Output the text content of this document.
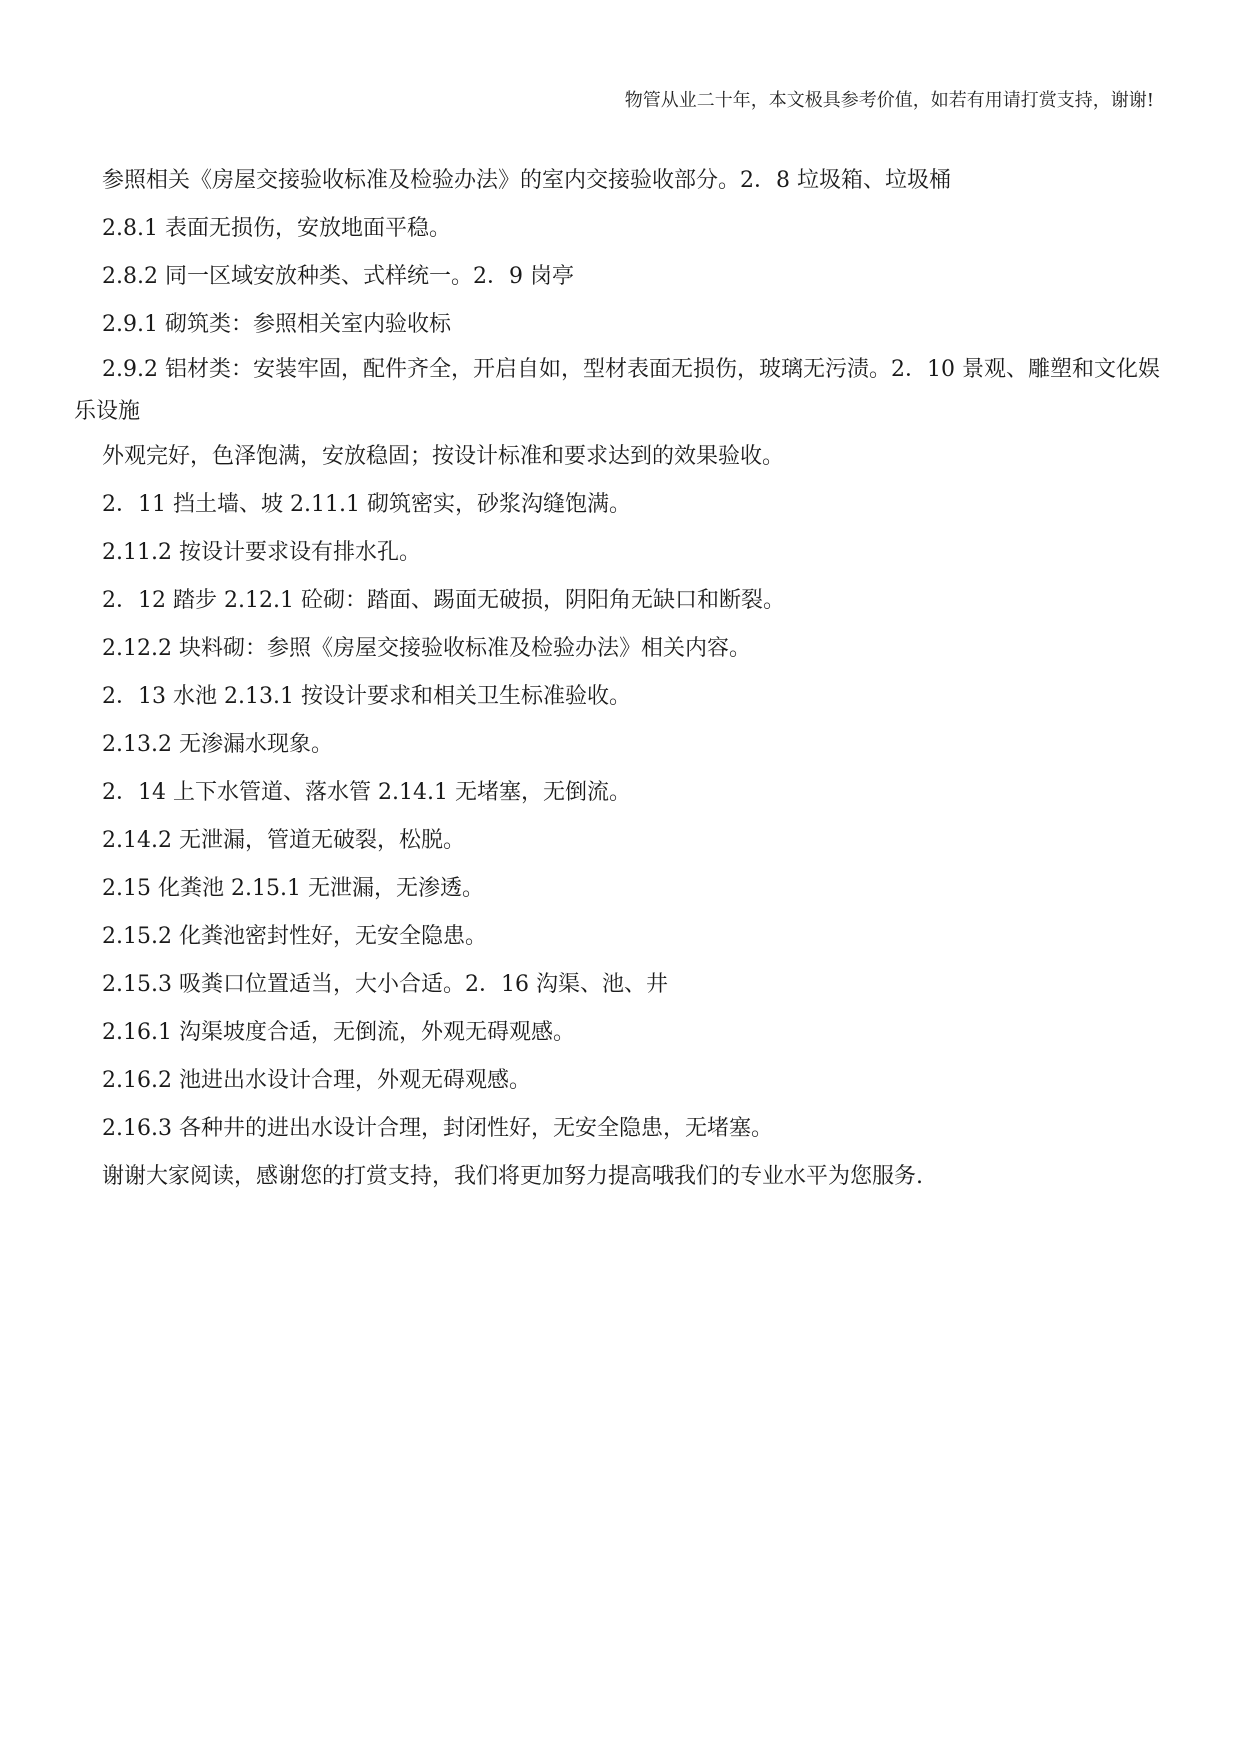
物管从业二十年，本文极具参考价值，如若有用请打赏支持，谢谢!

参照相关《房屋交接验收标准及检验办法》的室内交接验收部分。2．8 垃圾箱、垃圾桶

2.8.1 表面无损伤，安放地面平稳。

2.8.2 同一区域安放种类、式样统一。2．9 岗亭

2.9.1 砌筑类：参照相关室内验收标

2.9.2 铝材类：安装牢固，配件齐全，开启自如，型材表面无损伤，玻璃无污渍。2．10 景观、雕塑和文化娱乐设施

外观完好，色泽饱满，安放稳固；按设计标准和要求达到的效果验收。

2．11 挡土墙、坡 2.11.1 砌筑密实，砂浆沟缝饱满。

2.11.2 按设计要求设有排水孔。

2．12 踏步 2.12.1 砼砌：踏面、踢面无破损，阴阳角无缺口和断裂。

2.12.2 块料砌：参照《房屋交接验收标准及检验办法》相关内容。

2．13 水池 2.13.1 按设计要求和相关卫生标准验收。

2.13.2 无渗漏水现象。

2．14 上下水管道、落水管 2.14.1 无堵塞，无倒流。

2.14.2 无泄漏，管道无破裂，松脱。

2.15 化粪池 2.15.1 无泄漏，无渗透。

2.15.2 化粪池密封性好，无安全隐患。

2.15.3 吸粪口位置适当，大小合适。2．16 沟渠、池、井

2.16.1 沟渠坡度合适，无倒流，外观无碍观感。

2.16.2 池进出水设计合理，外观无碍观感。

2.16.3 各种井的进出水设计合理，封闭性好，无安全隐患，无堵塞。

谢谢大家阅读，感谢您的打赏支持，我们将更加努力提高哦我们的专业水平为您服务.
